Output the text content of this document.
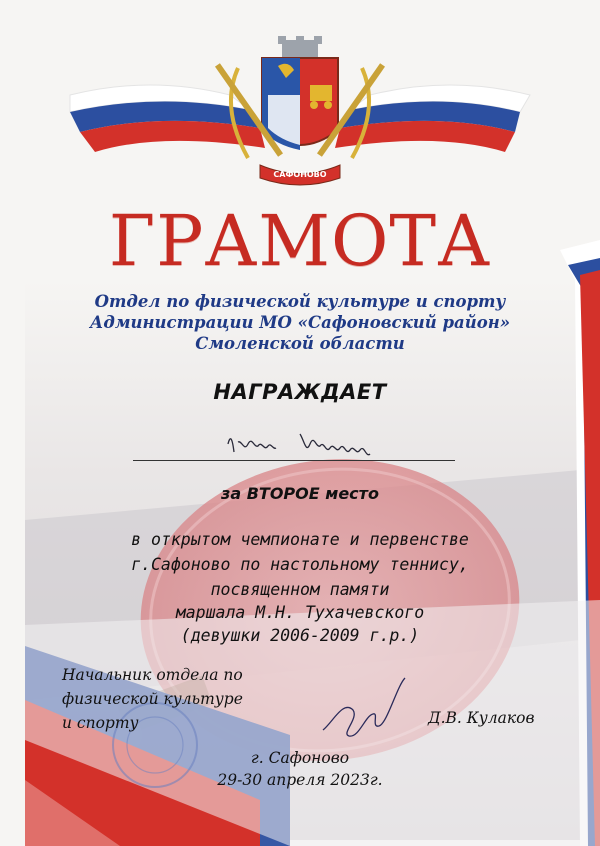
САФОНОВО
ГРАМОТА
Отдел по физической культуре и спорту
Администрации МО «Сафоновский район»
Смоленской области
НАГРАЖДАЕТ
за ВТОРОЕ место
в открытом чемпионате и первенстве
г.Сафоново по настольному теннису,
посвященном памяти
маршала М.Н. Тухачевского
(девушки 2006-2009 г.р.)
Начальник отдела по
физической культуре
и спорту	Д.В. Кулаков
г. Сафоново
29-30 апреля 2023г.
